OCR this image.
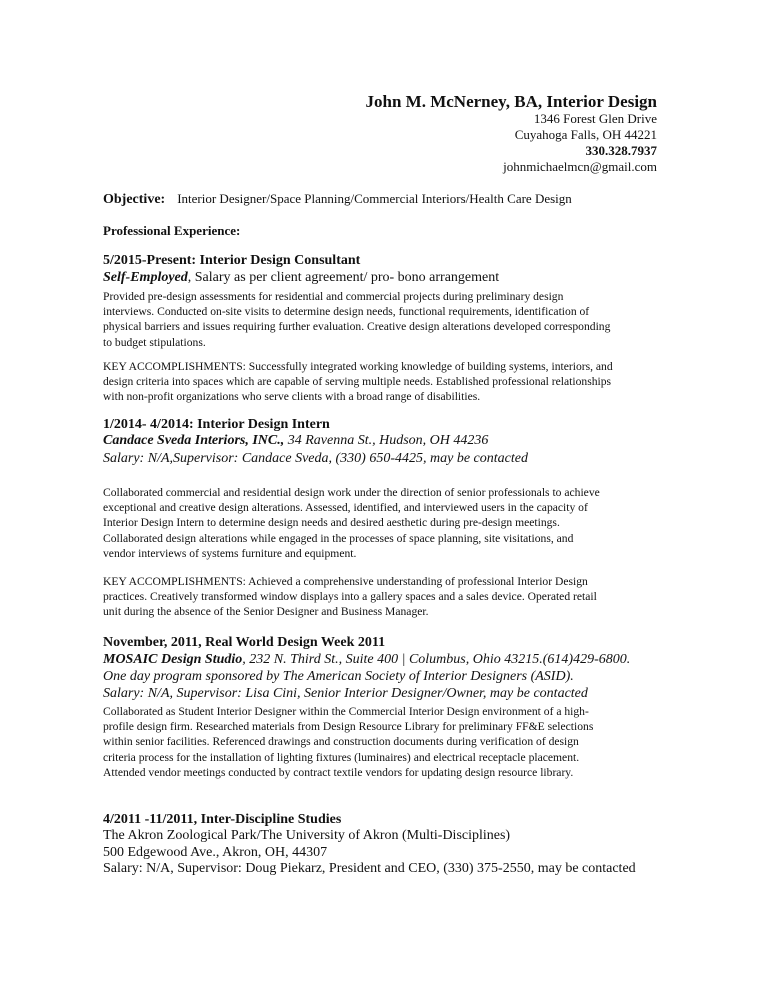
John M. McNerney, BA, Interior Design
1346 Forest Glen Drive
Cuyahoga Falls, OH 44221
330.328.7937
johnmichaelmcn@gmail.com
Objective: Interior Designer/Space Planning/Commercial Interiors/Health Care Design
Professional Experience:
5/2015-Present: Interior Design Consultant
Self-Employed, Salary as per client agreement/ pro- bono arrangement
Provided pre-design assessments for residential and commercial projects during preliminary design
interviews. Conducted on-site visits to determine design needs, functional requirements, identification of
physical barriers and issues requiring further evaluation. Creative design alterations developed corresponding
to budget stipulations.
KEY ACCOMPLISHMENTS: Successfully integrated working knowledge of building systems, interiors, and
design criteria into spaces which are capable of serving multiple needs. Established professional relationships
with non-profit organizations who serve clients with a broad range of disabilities.
1/2014- 4/2014: Interior Design Intern
Candace Sveda Interiors, INC., 34 Ravenna St., Hudson, OH 44236
Salary: N/A,Supervisor: Candace Sveda, (330) 650-4425, may be contacted
Collaborated commercial and residential design work under the direction of senior professionals to achieve
exceptional and creative design alterations. Assessed, identified, and interviewed users in the capacity of
Interior Design Intern to determine design needs and desired aesthetic during pre-design meetings.
Collaborated design alterations while engaged in the processes of space planning, site visitations, and
vendor interviews of systems furniture and equipment.
KEY ACCOMPLISHMENTS: Achieved a comprehensive understanding of professional Interior Design
practices. Creatively transformed window displays into a gallery spaces and a sales device. Operated retail
unit during the absence of the Senior Designer and Business Manager.
November, 2011, Real World Design Week 2011
MOSAIC Design Studio, 232 N. Third St., Suite 400 | Columbus, Ohio 43215.(614)429-6800.
One day program sponsored by The American Society of Interior Designers (ASID).
Salary: N/A, Supervisor: Lisa Cini, Senior Interior Designer/Owner, may be contacted
Collaborated as Student Interior Designer within the Commercial Interior Design environment of a high-
profile design firm. Researched materials from Design Resource Library for preliminary FF&E selections
within senior facilities. Referenced drawings and construction documents during verification of design
criteria process for the installation of lighting fixtures (luminaires) and electrical receptacle placement.
Attended vendor meetings conducted by contract textile vendors for updating design resource library.
4/2011 -11/2011, Inter-Discipline Studies
The Akron Zoological Park/The University of Akron (Multi-Disciplines)
500 Edgewood Ave., Akron, OH, 44307
Salary: N/A, Supervisor: Doug Piekarz, President and CEO, (330) 375-2550, may be contacted
